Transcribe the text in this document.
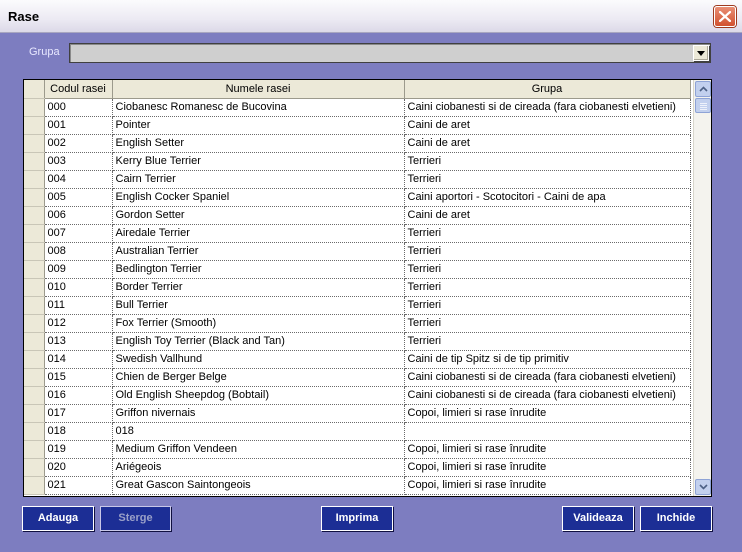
Rase
Grupa
	Codul rasei	Numele rasei	Grupa
	000	Ciobanesc Romanesc de Bucovina	Caini ciobanesti si de cireada (fara ciobanesti elvetieni)
	001	Pointer	Caini de aret
	002	English Setter	Caini de aret
	003	Kerry Blue Terrier	Terrieri
	004	Cairn Terrier	Terrieri
	005	English Cocker Spaniel	Caini aportori - Scotocitori - Caini de apa
	006	Gordon Setter	Caini de aret
	007	Airedale Terrier	Terrieri
	008	Australian Terrier	Terrieri
	009	Bedlington Terrier	Terrieri
	010	Border Terrier	Terrieri
	011	Bull Terrier	Terrieri
	012	Fox Terrier (Smooth)	Terrieri
	013	English Toy Terrier (Black and Tan)	Terrieri
	014	Swedish Vallhund	Caini de tip Spitz si de tip primitiv
	015	Chien de Berger Belge	Caini ciobanesti si de cireada (fara ciobanesti elvetieni)
	016	Old English Sheepdog (Bobtail)	Caini ciobanesti si de cireada (fara ciobanesti elvetieni)
	017	Griffon nivernais	Copoi, limieri si rase înrudite
	018	018	
	019	Medium Griffon Vendeen	Copoi, limieri si rase înrudite
	020	Ariégeois	Copoi, limieri si rase înrudite
	021	Great Gascon Saintongeois	Copoi, limieri si rase înrudite
Adauga	Sterge	Imprima	Valideaza	Inchide
